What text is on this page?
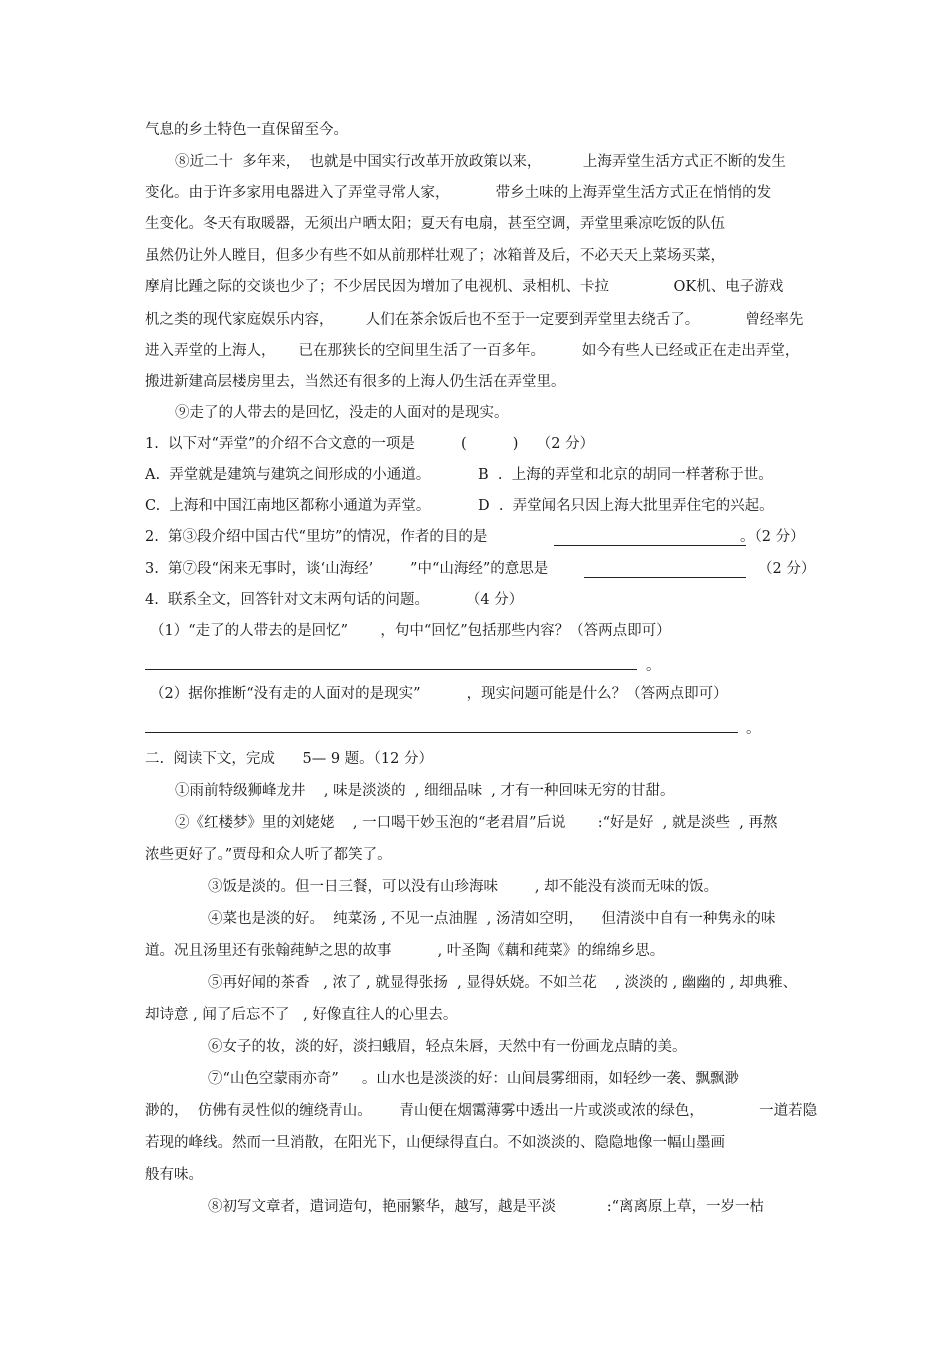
气息的乡土特色一直保留至今。
⑧近二十  多年来，  也就是中国实行改革开放政策以来，         上海弄堂生活方式正不断的发生
变化。由于许多家用电器进入了弄堂寻常人家，          带乡土味的上海弄堂生活方式正在悄悄的发
生变化。冬天有取暖器，无须出户晒太阳；夏天有电扇，甚至空调，弄堂里乘凉吃饭的队伍
虽然仍让外人瞠目，但多少有些不如从前那样壮观了；冰箱普及后，不必天天上菜场买菜，
摩肩比踵之际的交谈也少了；不少居民因为增加了电视机、录相机、卡拉              OK机、电子游戏
机之类的现代家庭娱乐内容，       人们在茶余饭后也不至于一定要到弄堂里去绕舌了。          曾经率先
进入弄堂的上海人，     已在那狭长的空间里生活了一百多年。        如今有些人已经或正在走出弄堂，
搬进新建高层楼房里去，当然还有很多的上海人仍生活在弄堂里。
⑨走了的人带去的是回忆，没走的人面对的是现实。
1.  以下对“弄堂”的介绍不合文意的一项是          (          )    （2 分）
A.  弄堂就是建筑与建筑之间形成的小通道。	B  .  上海的弄堂和北京的胡同一样著称于世。
C.  上海和中国江南地区都称小通道为弄堂。	D  .  弄堂闻名只因上海大批里弄住宅的兴起。
2.  第③段介绍中国古代“里坊”的情况，作者的目的是	。（2 分）
3.  第⑦段“闲来无事时，谈‘山海经’        ”中“山海经”的意思是	（2 分）
4.  联系全文，回答针对文末两句话的问题。        （4 分）
（1）“走了的人带去的是回忆”       ，句中“回忆”包括那些内容？（答两点即可）
。
（2）据你推断“没有走的人面对的是现实”          ，现实问题可能是什么？（答两点即可）
。
二.  阅读下文，完成      5— 9 题。（12 分）
①雨前特级狮峰龙井    , 味是淡淡的  , 细细品味  , 才有一种回味无穷的甘甜。
②《红楼梦》里的刘姥姥    , 一口喝干妙玉泡的“老君眉”后说       :“好是好  , 就是淡些  , 再熬
浓些更好了。”贾母和众人听了都笑了。
③饭是淡的。但一日三餐，可以没有山珍海味        , 却不能没有淡而无味的饭。
④菜也是淡的好。  纯菜汤 , 不见一点油腥  , 汤清如空明，    但清淡中自有一种隽永的味
道。况且汤里还有张翰莼鲈之思的故事          , 叶圣陶《藕和莼菜》的绵绵乡思。
⑤再好闻的茶香   , 浓了 , 就显得张扬  , 显得妖娆。不如兰花    , 淡淡的 , 幽幽的 , 却典雅、
却诗意 , 闻了后忘不了   , 好像直往人的心里去。
⑥女子的妆，淡的好，淡扫蛾眉，轻点朱唇，天然中有一份画龙点睛的美。
⑦“山色空蒙雨亦奇”     。山水也是淡淡的好：山间晨雾细雨，如轻纱一袭、飘飘渺
渺的，  仿佛有灵性似的缠绕青山。      青山便在烟霭薄雾中透出一片或淡或浓的绿色，            一道若隐
若现的峰线。然而一旦消散，在阳光下，山便绿得直白。不如淡淡的、隐隐地像一幅山墨画
般有味。
⑧初写文章者，遣词造句，艳丽繁华，越写，越是平淡           :“离离原上草，一岁一枯
